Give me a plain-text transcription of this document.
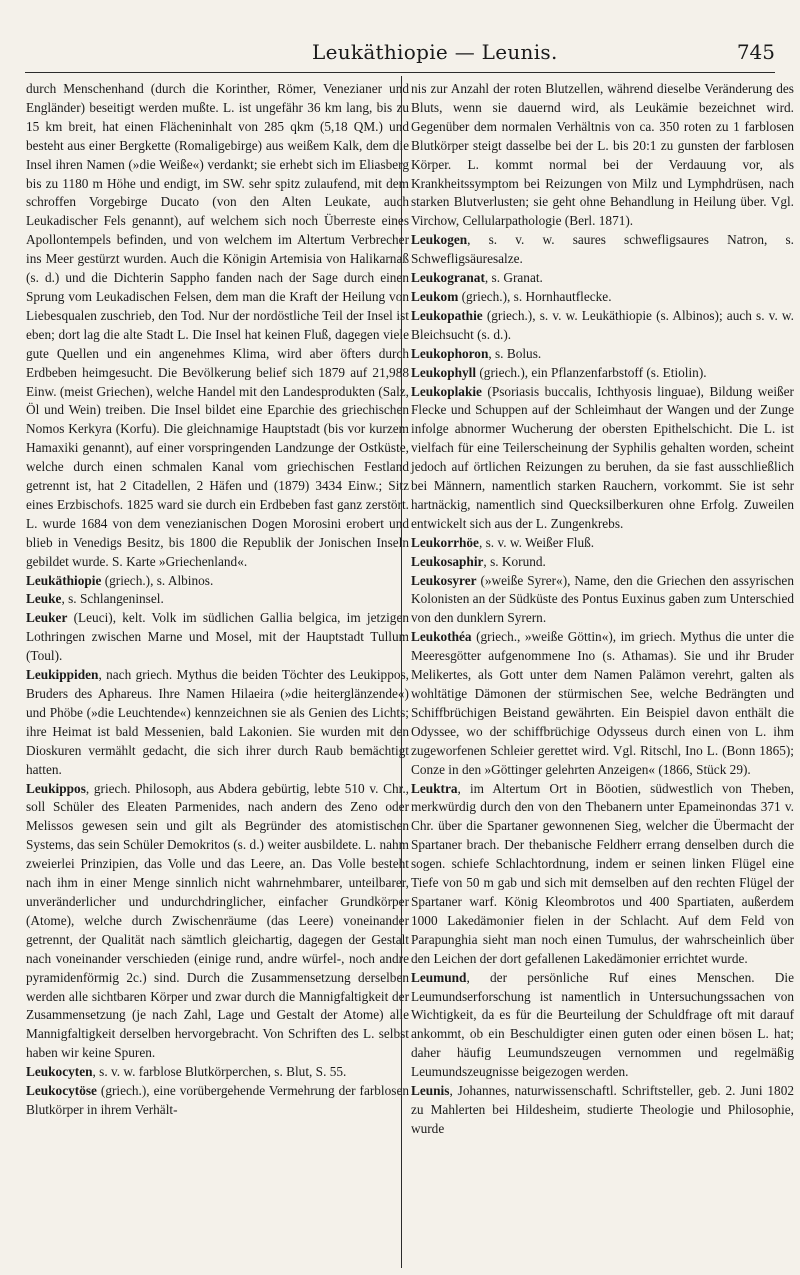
Leukäthiopie — Leunis.	745

durch Menschenhand (durch die Korinther, Römer, Venezianer und Engländer) beseitigt werden mußte. L. ist ungefähr 36 km lang, bis zu 15 km breit, hat einen Flächeninhalt von 285 qkm (5,18 QM.) und besteht aus einer Bergkette (Romaligebirge) aus weißem Kalk, dem die Insel ihren Namen (»die Weiße«) verdankt; sie erhebt sich im Eliasberg bis zu 1180 m Höhe und endigt, im SW. sehr spitz zulaufend, mit dem schroffen Vorgebirge Ducato (von den Alten Leukate, auch Leukadischer Fels genannt), auf welchem sich noch Überreste eines Apollontempels befinden, und von welchem im Altertum Verbrecher ins Meer gestürzt wurden. Auch die Königin Artemisia von Halikarnaß (s. d.) und die Dichterin Sappho fanden nach der Sage durch einen Sprung vom Leukadischen Felsen, dem man die Kraft der Heilung von Liebesqualen zuschrieb, den Tod. Nur der nordöstliche Teil der Insel ist eben; dort lag die alte Stadt L. Die Insel hat keinen Fluß, dagegen viele gute Quellen und ein angenehmes Klima, wird aber öfters durch Erdbeben heimgesucht. Die Bevölkerung belief sich 1879 auf 21,988 Einw. (meist Griechen), welche Handel mit den Landesprodukten (Salz, Öl und Wein) treiben. Die Insel bildet eine Eparchie des griechischen Nomos Kerkyra (Korfu). Die gleichnamige Hauptstadt (bis vor kurzem Hamaxiki genannt), auf einer vorspringenden Landzunge der Ostküste, welche durch einen schmalen Kanal vom griechischen Festland getrennt ist, hat 2 Citadellen, 2 Häfen und (1879) 3434 Einw.; Sitz eines Erzbischofs. 1825 ward sie durch ein Erdbeben fast ganz zerstört. L. wurde 1684 von dem venezianischen Dogen Morosini erobert und blieb in Venedigs Besitz, bis 1800 die Republik der Jonischen Inseln gebildet wurde. S. Karte »Griechenland«.

Leukäthiopie (griech.), s. Albinos.

Leuke, s. Schlangeninsel.

Leuker (Leuci), kelt. Volk im südlichen Gallia belgica, im jetzigen Lothringen zwischen Marne und Mosel, mit der Hauptstadt Tullum (Toul).

Leukippiden, nach griech. Mythus die beiden Töchter des Leukippos, Bruders des Aphareus. Ihre Namen Hilaeira (»die heiterglänzende«) und Phöbe (»die Leuchtende«) kennzeichnen sie als Genien des Lichts; ihre Heimat ist bald Messenien, bald Lakonien. Sie wurden mit den Dioskuren vermählt gedacht, die sich ihrer durch Raub bemächtigt hatten.

Leukippos, griech. Philosoph, aus Abdera gebürtig, lebte 510 v. Chr., soll Schüler des Eleaten Parmenides, nach andern des Zeno oder Melissos gewesen sein und gilt als Begründer des atomistischen Systems, das sein Schüler Demokritos (s. d.) weiter ausbildete. L. nahm zweierlei Prinzipien, das Volle und das Leere, an. Das Volle besteht nach ihm in einer Menge sinnlich nicht wahrnehmbarer, unteilbarer, unveränderlicher und undurchdringlicher, einfacher Grundkörper (Atome), welche durch Zwischenräume (das Leere) voneinander getrennt, der Qualität nach sämtlich gleichartig, dagegen der Gestalt nach voneinander verschieden (einige rund, andre würfel-, noch andre pyramidenförmig 2c.) sind. Durch die Zusammensetzung derselben werden alle sichtbaren Körper und zwar durch die Mannigfaltigkeit der Zusammensetzung (je nach Zahl, Lage und Gestalt der Atome) alle Mannigfaltigkeit derselben hervorgebracht. Von Schriften des L. selbst haben wir keine Spuren.

Leukocyten, s. v. w. farblose Blutkörperchen, s. Blut, S. 55.

Leukocytöse (griech.), eine vorübergehende Vermehrung der farblosen Blutkörper in ihrem Verhält-

nis zur Anzahl der roten Blutzellen, während dieselbe Veränderung des Bluts, wenn sie dauernd wird, als Leukämie bezeichnet wird. Gegenüber dem normalen Verhältnis von ca. 350 roten zu 1 farblosen Blutkörper steigt dasselbe bei der L. bis 20:1 zu gunsten der farblosen Körper. L. kommt normal bei der Verdauung vor, als Krankheitssymptom bei Reizungen von Milz und Lymphdrüsen, nach starken Blutverlusten; sie geht ohne Behandlung in Heilung über. Vgl. Virchow, Cellularpathologie (Berl. 1871).

Leukogen, s. v. w. saures schwefligsaures Natron, s. Schwefligsäuresalze.

Leukogranat, s. Granat.

Leukom (griech.), s. Hornhautflecke.

Leukopathie (griech.), s. v. w. Leukäthiopie (s. Albinos); auch s. v. w. Bleichsucht (s. d.).

Leukophoron, s. Bolus.

Leukophyll (griech.), ein Pflanzenfarbstoff (s. Etiolin).

Leukoplakie (Psoriasis buccalis, Ichthyosis linguae), Bildung weißer Flecke und Schuppen auf der Schleimhaut der Wangen und der Zunge infolge abnormer Wucherung der obersten Epithelschicht. Die L. ist vielfach für eine Teilerscheinung der Syphilis gehalten worden, scheint jedoch auf örtlichen Reizungen zu beruhen, da sie fast ausschließlich bei Männern, namentlich starken Rauchern, vorkommt. Sie ist sehr hartnäckig, namentlich sind Quecksilberkuren ohne Erfolg. Zuweilen entwickelt sich aus der L. Zungenkrebs.

Leukorrhöe, s. v. w. Weißer Fluß.

Leukosaphir, s. Korund.

Leukosyrer (»weiße Syrer«), Name, den die Griechen den assyrischen Kolonisten an der Südküste des Pontus Euxinus gaben zum Unterschied von den dunklern Syrern.

Leukothéa (griech., »weiße Göttin«), im griech. Mythus die unter die Meeresgötter aufgenommene Ino (s. Athamas). Sie und ihr Bruder Melikertes, als Gott unter dem Namen Palämon verehrt, galten als wohltätige Dämonen der stürmischen See, welche Bedrängten und Schiffbrüchigen Beistand gewährten. Ein Beispiel davon enthält die Odyssee, wo der schiffbrüchige Odysseus durch einen von L. ihm zugeworfenen Schleier gerettet wird. Vgl. Ritschl, Ino L. (Bonn 1865); Conze in den »Göttinger gelehrten Anzeigen« (1866, Stück 29).

Leuktra, im Altertum Ort in Böotien, südwestlich von Theben, merkwürdig durch den von den Thebanern unter Epameinondas 371 v. Chr. über die Spartaner gewonnenen Sieg, welcher die Übermacht der Spartaner brach. Der thebanische Feldherr errang denselben durch die sogen. schiefe Schlachtordnung, indem er seinen linken Flügel eine Tiefe von 50 m gab und sich mit demselben auf den rechten Flügel der Spartaner warf. König Kleombrotos und 400 Spartiaten, außerdem 1000 Lakedämonier fielen in der Schlacht. Auf dem Feld von Parapunghia sieht man noch einen Tumulus, der wahrscheinlich über den Leichen der dort gefallenen Lakedämonier errichtet wurde.

Leumund, der persönliche Ruf eines Menschen. Die Leumundserforschung ist namentlich in Untersuchungssachen von Wichtigkeit, da es für die Beurteilung der Schuldfrage oft mit darauf ankommt, ob ein Beschuldigter einen guten oder einen bösen L. hat; daher häufig Leumundszeugen vernommen und regelmäßig Leumundszeugnisse beigezogen werden.

Leunis, Johannes, naturwissenschaftl. Schriftsteller, geb. 2. Juni 1802 zu Mahlerten bei Hildesheim, studierte Theologie und Philosophie, wurde
